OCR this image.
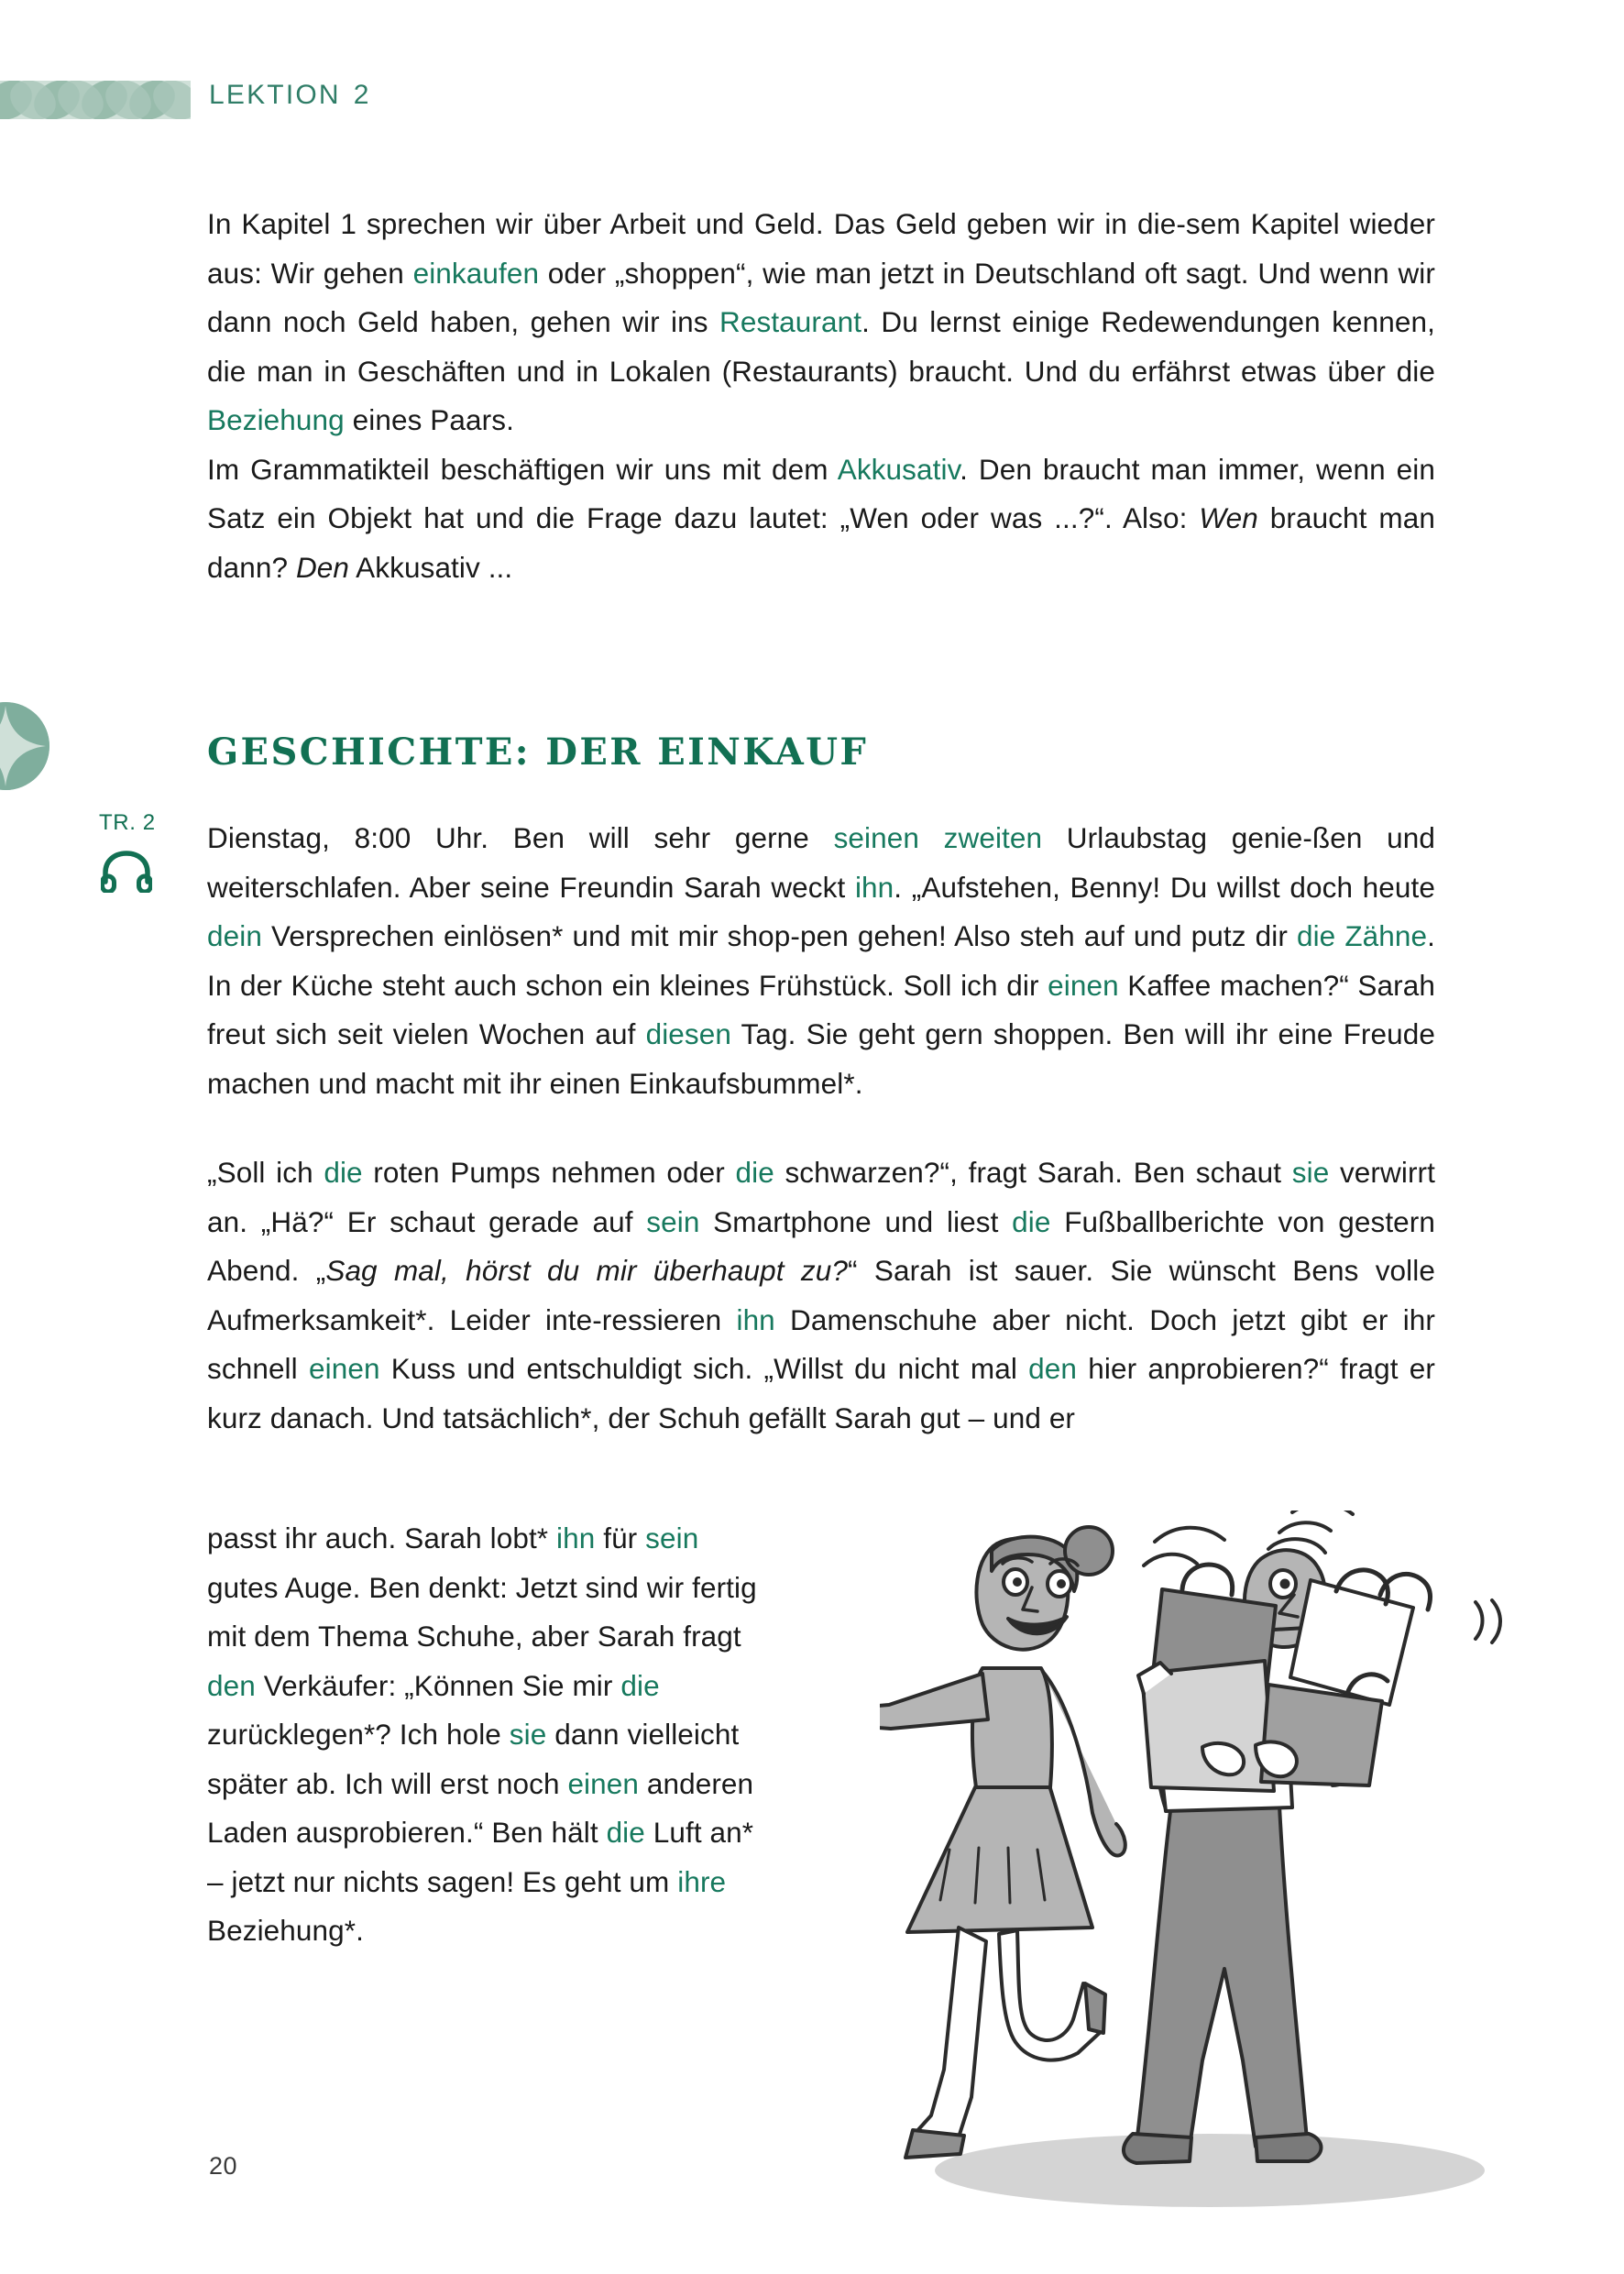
LEKTION 2

In Kapitel 1 sprechen wir über Arbeit und Geld. Das Geld geben wir in die-sem Kapitel wieder aus: Wir gehen einkaufen oder „shoppen“, wie man jetzt in Deutschland oft sagt. Und wenn wir dann noch Geld haben, gehen wir ins Restaurant. Du lernst einige Redewendungen kennen, die man in Geschäften und in Lokalen (Restaurants) braucht. Und du erfährst etwas über die Beziehung eines Paars.

Im Grammatikteil beschäftigen wir uns mit dem Akkusativ. Den braucht man immer, wenn ein Satz ein Objekt hat und die Frage dazu lautet: „Wen oder was ...?“. Also: Wen braucht man dann? Den Akkusativ ...

GESCHICHTE: DER EINKAUF
TR. 2	Dienstag, 8:00 Uhr. Ben will sehr gerne seinen zweiten Urlaubstag genie-ßen und weiterschlafen. Aber seine Freundin Sarah weckt ihn. „Aufstehen, Benny! Du willst doch heute dein Versprechen einlösen* und mit mir shop-pen gehen! Also steh auf und putz dir die Zähne. In der Küche steht auch schon ein kleines Frühstück. Soll ich dir einen Kaffee machen?“ Sarah freut sich seit vielen Wochen auf diesen Tag. Sie geht gern shoppen. Ben will ihr eine Freude machen und macht mit ihr einen Einkaufsbummel*.

„Soll ich die roten Pumps nehmen oder die schwarzen?“, fragt Sarah. Ben schaut sie verwirrt an. „Hä?“ Er schaut gerade auf sein Smartphone und liest die Fußballberichte von gestern Abend. „Sag mal, hörst du mir überhaupt zu?“ Sarah ist sauer. Sie wünscht Bens volle Aufmerksamkeit*. Leider inte-ressieren ihn Damenschuhe aber nicht. Doch jetzt gibt er ihr schnell einen Kuss und entschuldigt sich. „Willst du nicht mal den hier anprobieren?“ fragt er kurz danach. Und tatsächlich*, der Schuh gefällt Sarah gut – und er

passt ihr auch. Sarah lobt* ihn für sein gutes Auge. Ben denkt: Jetzt sind wir fertig mit dem Thema Schuhe, aber Sarah fragt den Verkäufer: „Können Sie mir die zurücklegen*? Ich hole sie dann vielleicht später ab. Ich will erst noch einen anderen Laden ausprobieren.“ Ben hält die Luft an* – jetzt nur nichts sagen! Es geht um ihre Beziehung*.

20
